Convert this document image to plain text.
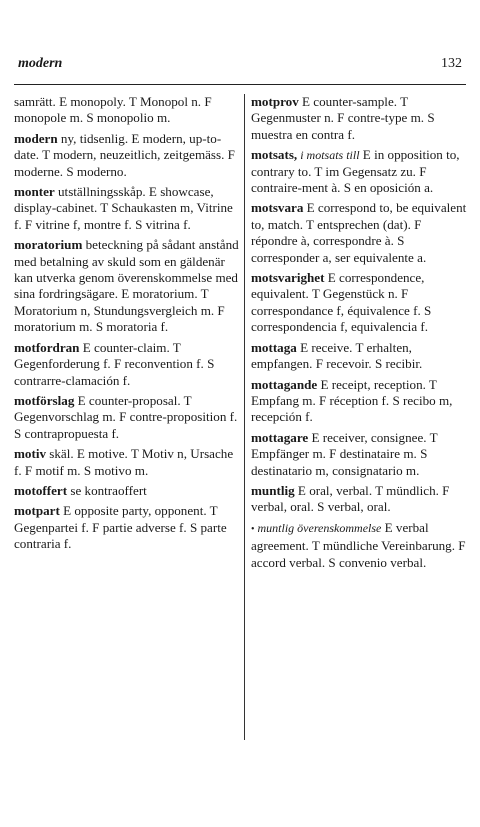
modern	132
samrätt. E monopoly. T Monopol n. F monopole m. S monopolio m.
modern ny, tidsenlig. E modern, up-to-date. T modern, neuzeitlich, zeitgemäss. F moderne. S moderno.
monter utställningsskåp. E showcase, display-cabinet. T Schaukasten m, Vitrine f. F vitrine f, montre f. S vitrina f.
moratorium beteckning på sådant anstånd med betalning av skuld som en gäldenär kan utverka genom överenskommelse med sina fordringsägare. E moratorium. T Moratorium n, Stundungsvergleich m. F moratorium m. S moratoria f.
motfordran E counter-claim. T Gegenforderung f. F reconvention f. S contrarre-clamación f.
motförslag E counter-proposal. T Gegenvorschlag m. F contre-proposition f. S contrapropuesta f.
motiv skäl. E motive. T Motiv n, Ursache f. F motif m. S motivo m.
motoffert se kontraoffert
motpart E opposite party, opponent. T Gegenpartei f. F partie adverse f. S parte contraria f.
motprov E counter-sample. T Gegenmuster n. F contre-type m. S muestra en contra f.
motsats, i motsats till E in opposition to, contrary to. T im Gegensatz zu. F contraire-ment à. S en oposición a.
motsvara E correspond to, be equivalent to, match. T entsprechen (dat). F répondre à, correspondre à. S corresponder a, ser equivalente a.
motsvarighet E correspondence, equivalent. T Gegenstück n. F correspondance f, équivalence f. S correspondencia f, equivalencia f.
mottaga E receive. T erhalten, empfangen. F recevoir. S recibir.
mottagande E receipt, reception. T Empfang m. F réception f. S recibo m, recepción f.
mottagare E receiver, consignee. T Empfänger m. F destinataire m. S destinatario m, consignatario m.
muntlig E oral, verbal. T mündlich. F verbal, oral. S verbal, oral.
• muntlig överenskommelse E verbal agreement. T mündliche Vereinbarung. F accord verbal. S convenio verbal.
